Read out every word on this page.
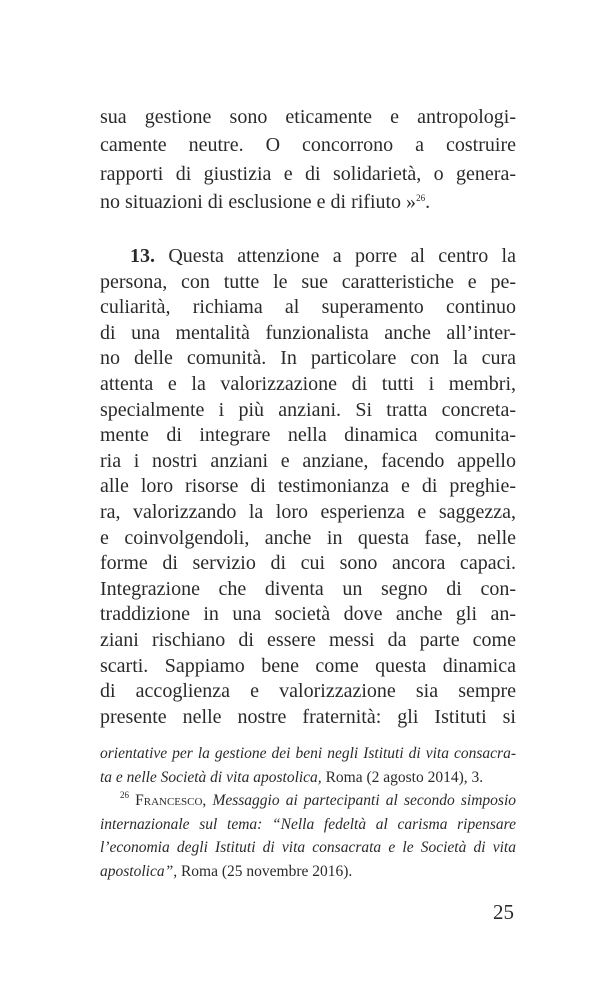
sua gestione sono eticamente e antropologi-
camente neutre. O concorrono a costruire
rapporti di giustizia e di solidarietà, o genera-
no situazioni di esclusione e di rifiuto »$^{26}$.
13. Questa attenzione a porre al centro la
persona, con tutte le sue caratteristiche e pe-
culiarità, richiama al superamento continuo
di una mentalità funzionalista anche all’inter-
no delle comunità. In particolare con la cura
attenta e la valorizzazione di tutti i membri,
specialmente i più anziani. Si tratta concreta-
mente di integrare nella dinamica comunita-
ria i nostri anziani e anziane, facendo appello
alle loro risorse di testimonianza e di preghie-
ra, valorizzando la loro esperienza e saggezza,
e coinvolgendoli, anche in questa fase, nelle
forme di servizio di cui sono ancora capaci.
Integrazione che diventa un segno di con-
traddizione in una società dove anche gli an-
ziani rischiano di essere messi da parte come
scarti. Sappiamo bene come questa dinamica
di accoglienza e valorizzazione sia sempre
presente nelle nostre fraternità: gli Istituti si
orientative per la gestione dei beni negli Istituti di vita consacra-
ta e nelle Società di vita apostolica, Roma (2 agosto 2014), 3.
$^{26}$ Francesco, Messaggio ai partecipanti al secondo simposio
internazionale sul tema: “Nella fedeltà al carisma ripensare
l’economia degli Istituti di vita consacrata e le Società di vita
apostolica”, Roma (25 novembre 2016).
25
